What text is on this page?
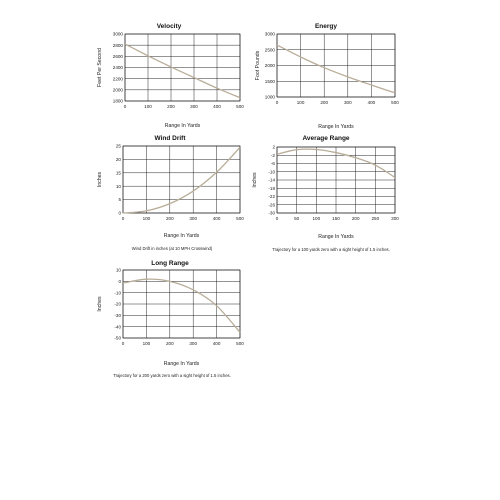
0	100	200	300	400	500
1800
2000
2200
2400
2600
2800
3000
Velocity
Range In Yards
Feet Per Second
0	100	200	300	400	500
1000
1500
2000
2500
3000
Energy
Range In Yards
Foot Pounds
0	100	200	300	400	500
0
5
10
15
20
25
Wind Drift
Range In Yards
Inches
Wind Drift in inches (at 10 MPH Crosswind)
0	50	100	150	200	250	300
2
-2
-6
-10
-14
-18
-22
-26
-30
Average Range
Range In Yards
Inches
Trajectory for a 100 yards zero with a sight height of 1.5 inches.
0	100	200	300	400	500
10
0
-10
-20
-30
-40
-50
Long Range
Range In Yards
Inches
Trajectory for a 200 yards zero with a sight height of 1.5 inches.
